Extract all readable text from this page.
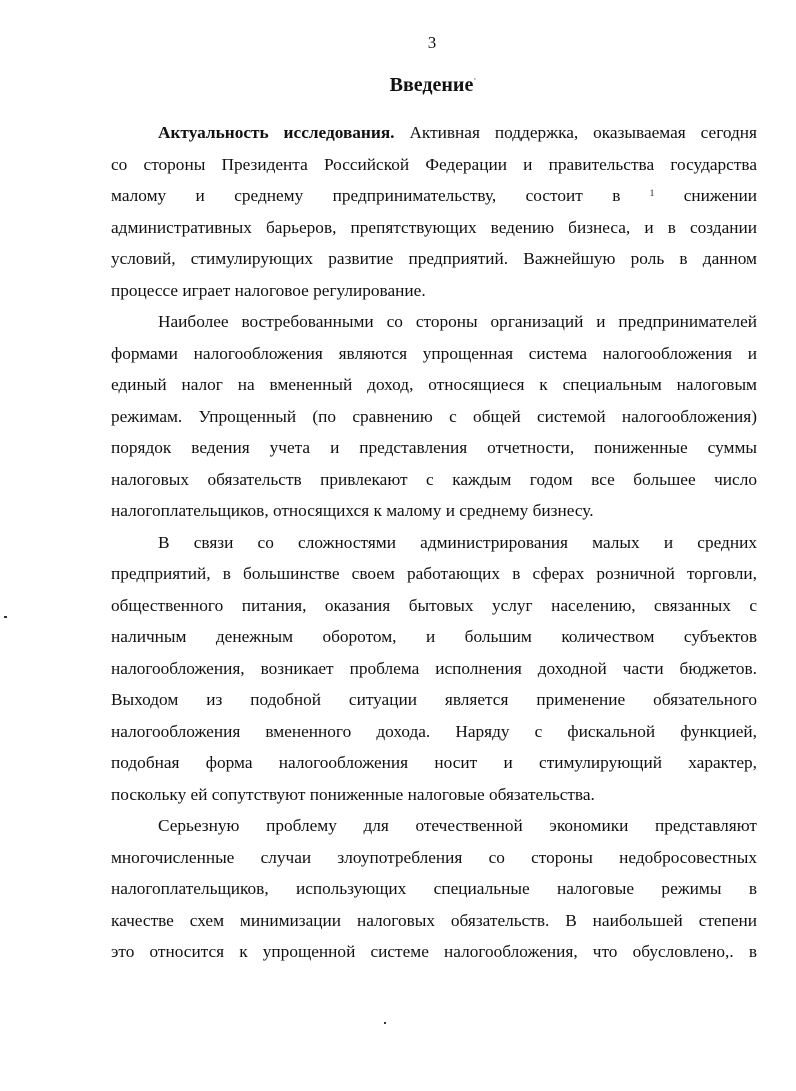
3
Введение·
Актуальность исследования. Активная поддержка, оказываемая сегодня
со стороны Президента Российской Федерации и правительства государства
малому и среднему предпринимательству, состоит в	$^1$ снижении
административных барьеров, препятствующих ведению бизнеса, и в создании
условий, стимулирующих развитие предприятий. Важнейшую роль в данном
процессе играет налоговое регулирование.
Наиболее востребованными со стороны организаций и предпринимателей
формами налогообложения являются упрощенная система налогообложения и
единый налог на вмененный доход, относящиеся к специальным налоговым
режимам. Упрощенный (по сравнению с общей системой налогообложения)
порядок ведения учета и представления отчетности, пониженные суммы
налоговых обязательств привлекают с каждым годом все большее число
налогоплательщиков, относящихся к малому и среднему бизнесу.
В связи со сложностями администрирования малых и средних
предприятий, в большинстве своем работающих в сферах розничной торговли,
общественного питания, оказания бытовых услуг населению, связанных с
наличным денежным оборотом, и большим количеством субъектов
налогообложения, возникает проблема исполнения доходной части бюджетов.
Выходом из подобной ситуации является применение обязательного
налогообложения вмененного дохода. Наряду с фискальной функцией,
подобная форма налогообложения носит и стимулирующий характер,
поскольку ей сопутствуют пониженные налоговые обязательства.
Серьезную проблему для отечественной экономики представляют
многочисленные случаи злоупотребления со стороны недобросовестных
налогоплательщиков, использующих специальные налоговые режимы в
качестве схем минимизации налоговых обязательств. В наибольшей степени
это относится к упрощенной системе налогообложения, что обусловлено,. в
